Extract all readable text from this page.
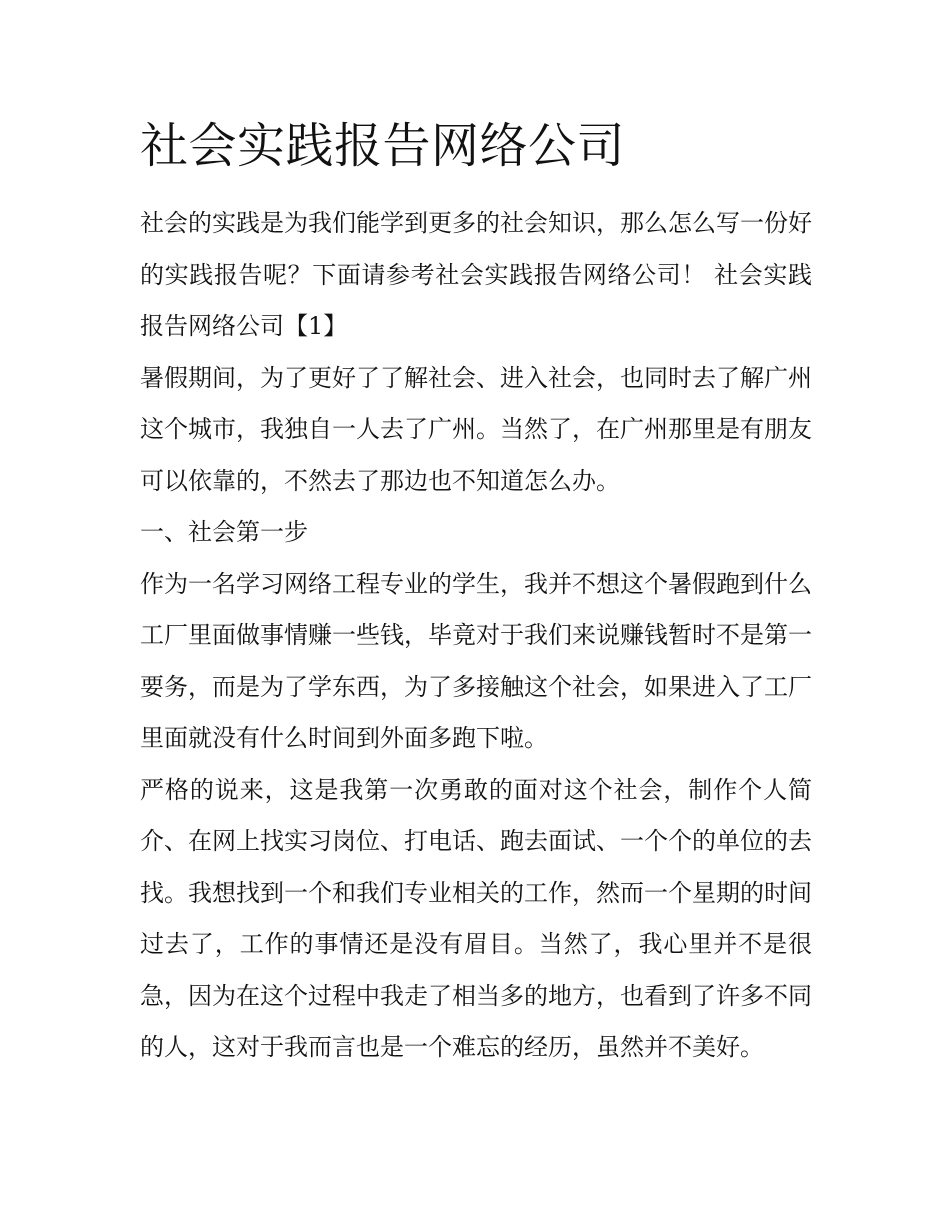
社会实践报告网络公司

社会的实践是为我们能学到更多的社会知识，那么怎么写一份好的实践报告呢？下面请参考社会实践报告网络公司！ 社会实践报告网络公司【1】

暑假期间，为了更好了了解社会、进入社会，也同时去了解广州这个城市，我独自一人去了广州。当然了，在广州那里是有朋友可以依靠的，不然去了那边也不知道怎么办。

一、社会第一步

作为一名学习网络工程专业的学生，我并不想这个暑假跑到什么工厂里面做事情赚一些钱，毕竟对于我们来说赚钱暂时不是第一要务，而是为了学东西，为了多接触这个社会，如果进入了工厂里面就没有什么时间到外面多跑下啦。

严格的说来，这是我第一次勇敢的面对这个社会，制作个人简介、在网上找实习岗位、打电话、跑去面试、一个个的单位的去找。我想找到一个和我们专业相关的工作，然而一个星期的时间过去了，工作的事情还是没有眉目。当然了，我心里并不是很急，因为在这个过程中我走了相当多的地方，也看到了许多不同的人，这对于我而言也是一个难忘的经历，虽然并不美好。
